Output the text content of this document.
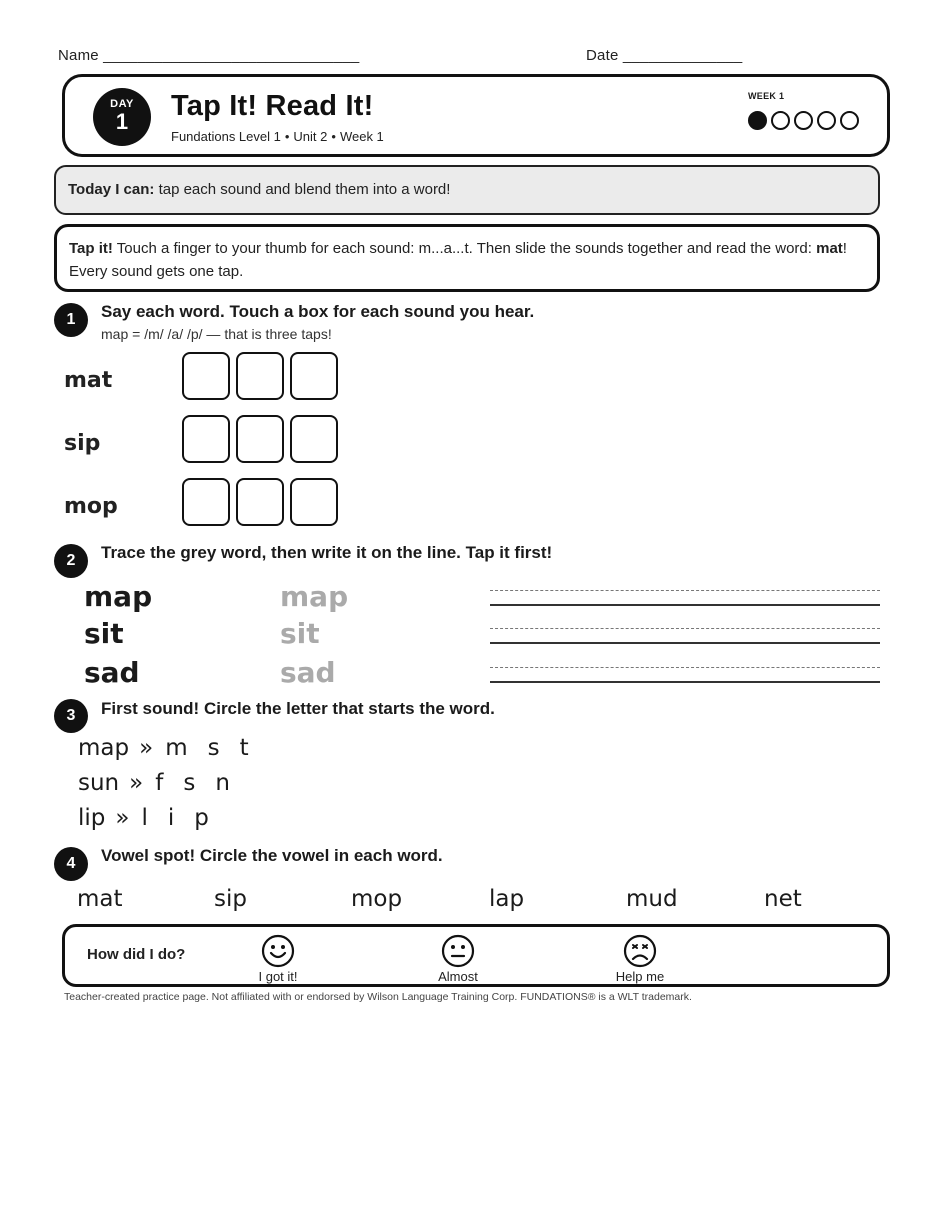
Name ______________________________	Date ______________
DAY
1	Tap It! Read It!
Fundations Level 1 • Unit 2 • Week 1
WEEK 1
Today I can: tap each sound and blend them into a word!
Tap it! Touch a finger to your thumb for each sound: m...a...t. Then slide the sounds together and read the word: mat! Every sound gets one tap.
1	Say each word. Touch a box for each sound you hear.
map = /m/ /a/ /p/ — that is three taps!
mat
sip
mop
2	Trace the grey word, then write it on the line. Tap it first!
map	map
sit	sit
sad	sad
3	First sound! Circle the letter that starts the word.
map » m s t
sun » f s n
lip » l i p
4	Vowel spot! Circle the vowel in each word.
mat	sip	mop	lap	mud	net
How did I do?
I got it!	Almost	Help me
Teacher-created practice page. Not affiliated with or endorsed by Wilson Language Training Corp. FUNDATIONS® is a WLT trademark.
